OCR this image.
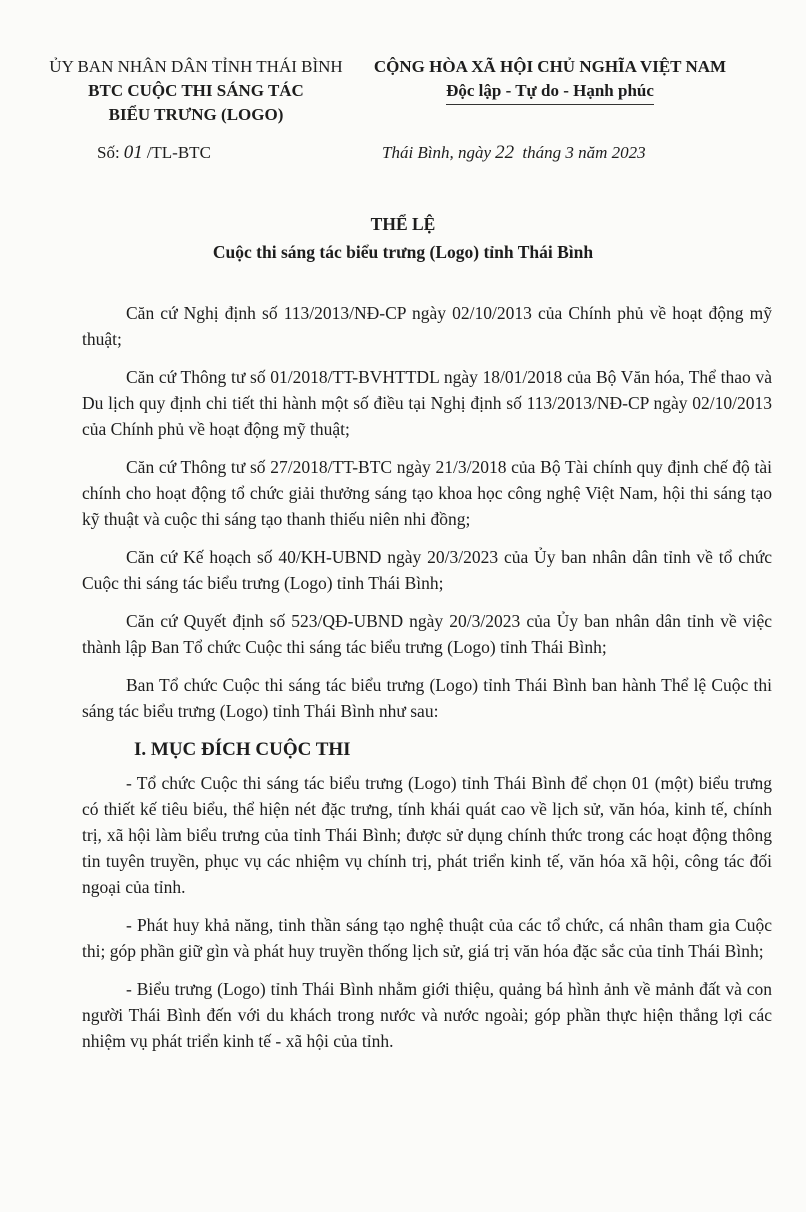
ỦY BAN NHÂN DÂN TỈNH THÁI BÌNH
BTC CUỘC THI SÁNG TÁC
BIỂU TRƯNG (LOGO)
CỘNG HÒA XÃ HỘI CHỦ NGHĨA VIỆT NAM
Độc lập - Tự do - Hạnh phúc
Số: 01 /TL-BTC	Thái Bình, ngày 22 tháng 3 năm 2023
THỂ LỆ
Cuộc thi sáng tác biểu trưng (Logo) tỉnh Thái Bình

Căn cứ Nghị định số 113/2013/NĐ-CP ngày 02/10/2013 của Chính phủ về hoạt động mỹ thuật;

Căn cứ Thông tư số 01/2018/TT-BVHTTDL ngày 18/01/2018 của Bộ Văn hóa, Thể thao và Du lịch quy định chi tiết thi hành một số điều tại Nghị định số 113/2013/NĐ-CP ngày 02/10/2013 của Chính phủ về hoạt động mỹ thuật;

Căn cứ Thông tư số 27/2018/TT-BTC ngày 21/3/2018 của Bộ Tài chính quy định chế độ tài chính cho hoạt động tổ chức giải thưởng sáng tạo khoa học công nghệ Việt Nam, hội thi sáng tạo kỹ thuật và cuộc thi sáng tạo thanh thiếu niên nhi đồng;

Căn cứ Kế hoạch số 40/KH-UBND ngày 20/3/2023 của Ủy ban nhân dân tỉnh về tổ chức Cuộc thi sáng tác biểu trưng (Logo) tỉnh Thái Bình;

Căn cứ Quyết định số 523/QĐ-UBND ngày 20/3/2023 của Ủy ban nhân dân tỉnh về việc thành lập Ban Tổ chức Cuộc thi sáng tác biểu trưng (Logo) tỉnh Thái Bình;

Ban Tổ chức Cuộc thi sáng tác biểu trưng (Logo) tỉnh Thái Bình ban hành Thể lệ Cuộc thi sáng tác biểu trưng (Logo) tỉnh Thái Bình như sau:

I. MỤC ĐÍCH CUỘC THI

- Tổ chức Cuộc thi sáng tác biểu trưng (Logo) tỉnh Thái Bình để chọn 01 (một) biểu trưng có thiết kế tiêu biểu, thể hiện nét đặc trưng, tính khái quát cao về lịch sử, văn hóa, kinh tế, chính trị, xã hội làm biểu trưng của tỉnh Thái Bình; được sử dụng chính thức trong các hoạt động thông tin tuyên truyền, phục vụ các nhiệm vụ chính trị, phát triển kinh tế, văn hóa xã hội, công tác đối ngoại của tỉnh.

- Phát huy khả năng, tinh thần sáng tạo nghệ thuật của các tổ chức, cá nhân tham gia Cuộc thi; góp phần giữ gìn và phát huy truyền thống lịch sử, giá trị văn hóa đặc sắc của tỉnh Thái Bình;

- Biểu trưng (Logo) tỉnh Thái Bình nhằm giới thiệu, quảng bá hình ảnh về mảnh đất và con người Thái Bình đến với du khách trong nước và nước ngoài; góp phần thực hiện thắng lợi các nhiệm vụ phát triển kinh tế - xã hội của tỉnh.
